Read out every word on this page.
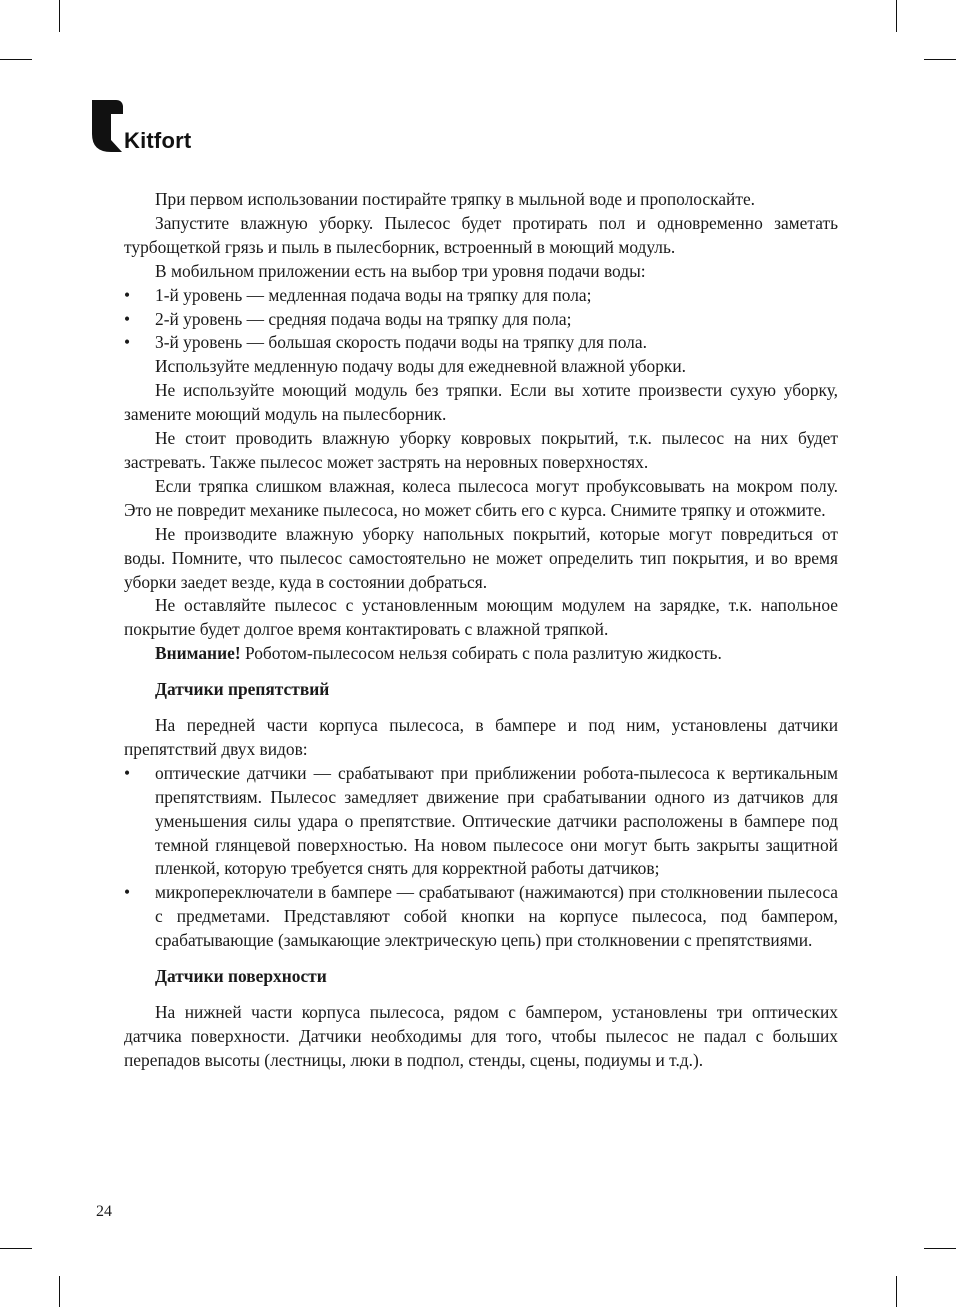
Kitfort

При первом использовании постирайте тряпку в мыльной воде и прополоскайте.

Запустите влажную уборку. Пылесос будет протирать пол и одновременно заметать турбощеткой грязь и пыль в пылесборник, встроенный в моющий модуль.

В мобильном приложении есть на выбор три уровня подачи воды:

• 1-й уровень — медленная подача воды на тряпку для пола;
• 2-й уровень — средняя подача воды на тряпку для пола;
• 3-й уровень — большая скорость подачи воды на тряпку для пола.

Используйте медленную подачу воды для ежедневной влажной уборки.

Не используйте моющий модуль без тряпки. Если вы хотите произвести сухую уборку, замените моющий модуль на пылесборник.

Не стоит проводить влажную уборку ковровых покрытий, т.к. пылесос на них будет застревать. Также пылесос может застрять на неровных поверхностях.

Если тряпка слишком влажная, колеса пылесоса могут пробуксовывать на мокром полу. Это не повредит механике пылесоса, но может сбить его с курса. Снимите тряпку и отожмите.

Не производите влажную уборку напольных покрытий, которые могут повредиться от воды. Помните, что пылесос самостоятельно не может определить тип покрытия, и во время уборки заедет везде, куда в состоянии добраться.

Не оставляйте пылесос с установленным моющим модулем на зарядке, т.к. напольное покрытие будет долгое время контактировать с влажной тряпкой.

Внимание! Роботом-пылесосом нельзя собирать с пола разлитую жидкость.

Датчики препятствий

На передней части корпуса пылесоса, в бампере и под ним, установлены датчики препятствий двух видов:

• оптические датчики — срабатывают при приближении робота-пылесоса к вертикальным препятствиям. Пылесос замедляет движение при срабатывании одного из датчиков для уменьшения силы удара о препятствие. Оптические датчики расположены в бампере под темной глянцевой поверхностью. На новом пылесосе они могут быть закрыты защитной пленкой, которую требуется снять для корректной работы датчиков;
• микропереключатели в бампере — срабатывают (нажимаются) при столкновении пылесоса с предметами. Представляют собой кнопки на корпусе пылесоса, под бампером, срабатывающие (замыкающие электрическую цепь) при столкновении с препятствиями.
Датчики поверхности

На нижней части корпуса пылесоса, рядом с бампером, установлены три оптических датчика поверхности. Датчики необходимы для того, чтобы пылесос не падал с больших перепадов высоты (лестницы, люки в подпол, стенды, сцены, подиумы и т.д.).

24
